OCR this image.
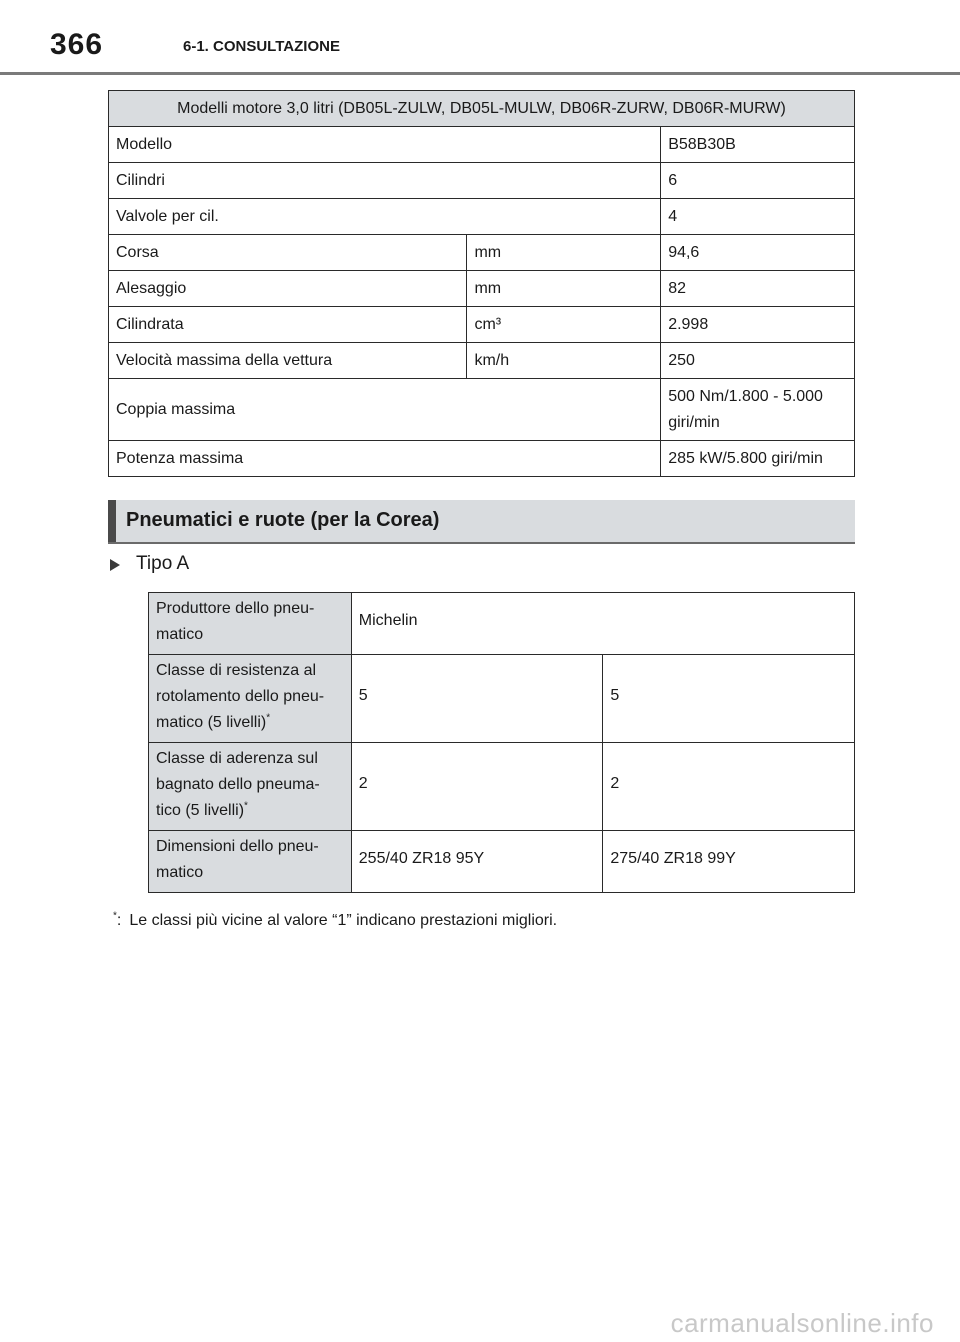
366	6-1. CONSULTAZIONE
Modelli motore 3,0 litri (DB05L-ZULW, DB05L-MULW, DB06R-ZURW, DB06R-MURW)		
Modello		B58B30B
Cilindri		6
Valvole per cil.		4
Corsa	mm	94,6
Alesaggio	mm	82
Cilindrata	cm³	2.998
Velocità massima della vettura	km/h	250
Coppia massima		500 Nm/1.800 - 5.000
giri/min

Potenza massima		285 kW/5.800 giri/min
Pneumatici e ruote (per la Corea)
Tipo A
Produttore dello pneu-
matico	Michelin	

Classe di resistenza al
rotolamento dello pneu-
matico (5 livelli)*	5	5

Classe di aderenza sul
bagnato dello pneuma-
tico (5 livelli)*	2	2

Dimensioni dello pneu-
matico	255/40 ZR18 95Y	275/40 ZR18 99Y
*: Le classi più vicine al valore “1” indicano prestazioni migliori.
carmanualsonline.info
